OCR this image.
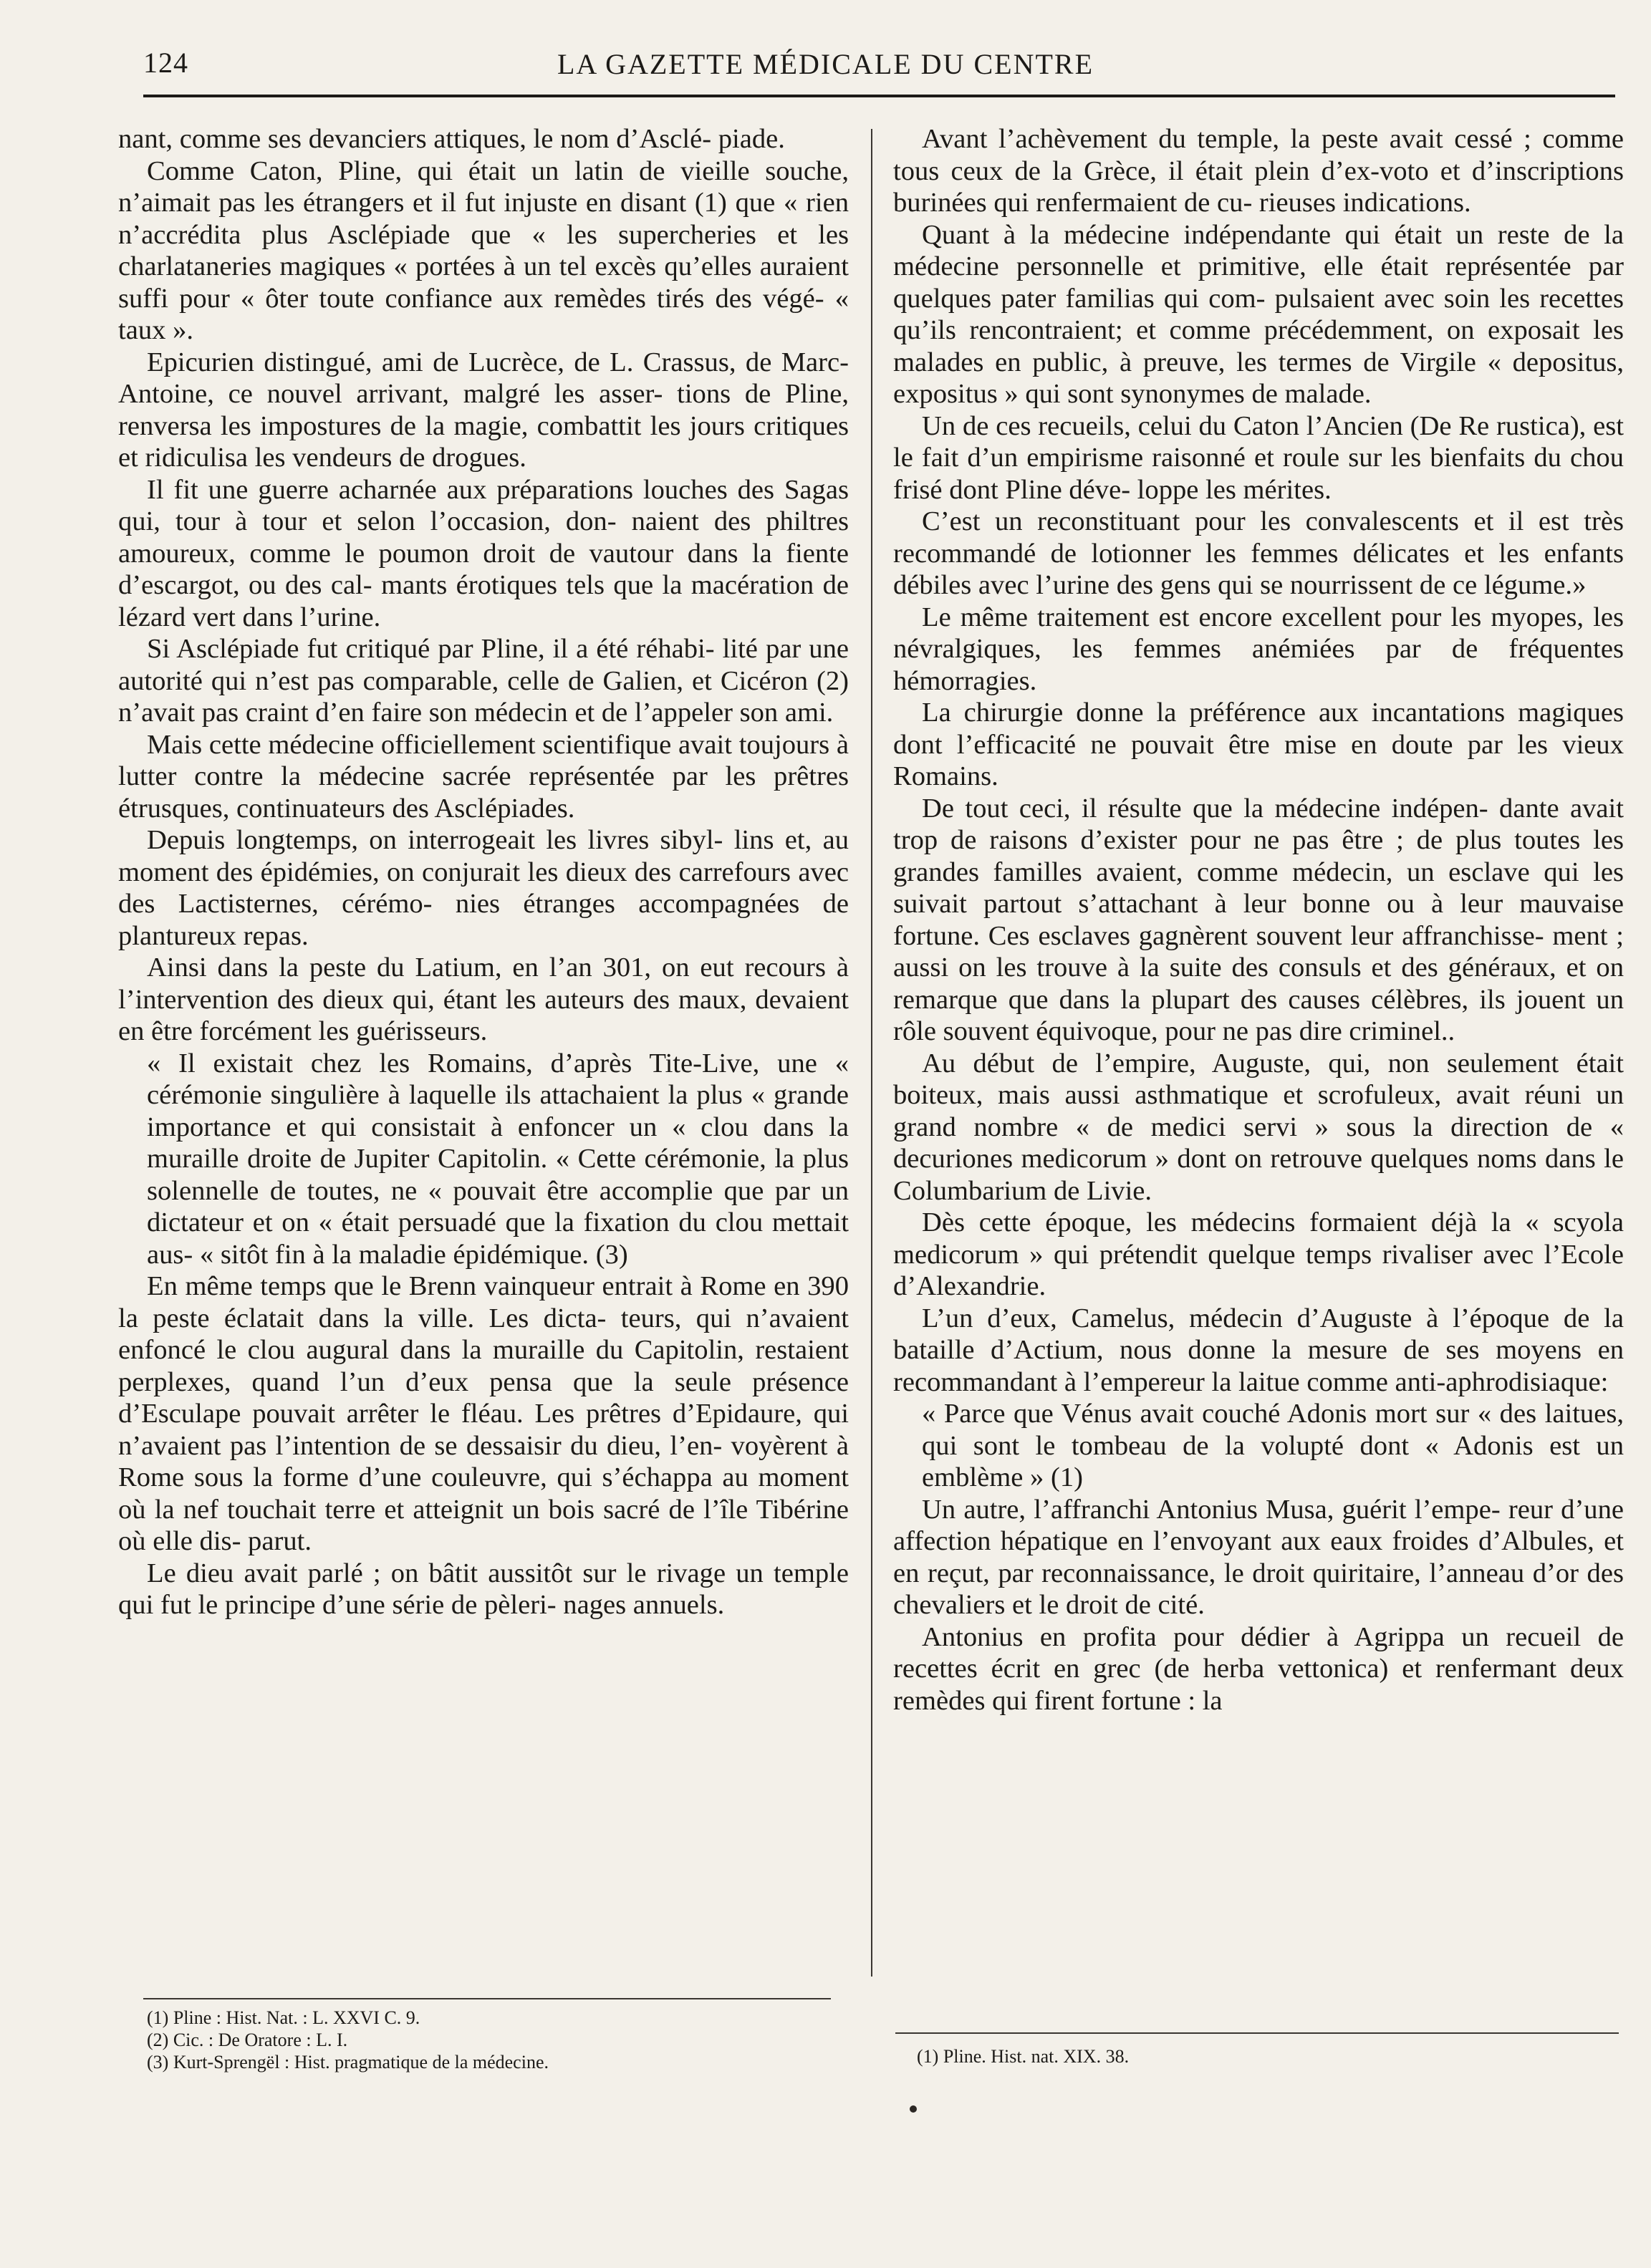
124	LA GAZETTE MÉDICALE DU CENTRE

nant, comme ses devanciers attiques, le nom d’Asclé- piade.

Comme Caton, Pline, qui était un latin de vieille souche, n’aimait pas les étrangers et il fut injuste en disant (1) que « rien n’accrédita plus Asclépiade que « les supercheries et les charlataneries magiques « portées à un tel excès qu’elles auraient suffi pour « ôter toute confiance aux remèdes tirés des végé- « taux ».

Epicurien distingué, ami de Lucrèce, de L. Crassus, de Marc-Antoine, ce nouvel arrivant, malgré les asser- tions de Pline, renversa les impostures de la magie, combattit les jours critiques et ridiculisa les vendeurs de drogues.

Il fit une guerre acharnée aux préparations louches des Sagas qui, tour à tour et selon l’occasion, don- naient des philtres amoureux, comme le poumon droit de vautour dans la fiente d’escargot, ou des cal- mants érotiques tels que la macération de lézard vert dans l’urine.

Si Asclépiade fut critiqué par Pline, il a été réhabi- lité par une autorité qui n’est pas comparable, celle de Galien, et Cicéron (2) n’avait pas craint d’en faire son médecin et de l’appeler son ami.

Mais cette médecine officiellement scientifique avait toujours à lutter contre la médecine sacrée représentée par les prêtres étrusques, continuateurs des Asclépiades.

Depuis longtemps, on interrogeait les livres sibyl- lins et, au moment des épidémies, on conjurait les dieux des carrefours avec des Lactisternes, cérémo- nies étranges accompagnées de plantureux repas.

Ainsi dans la peste du Latium, en l’an 301, on eut recours à l’intervention des dieux qui, étant les auteurs des maux, devaient en être forcément les guérisseurs.

« Il existait chez les Romains, d’après Tite-Live, une « cérémonie singulière à laquelle ils attachaient la plus « grande importance et qui consistait à enfoncer un « clou dans la muraille droite de Jupiter Capitolin. « Cette cérémonie, la plus solennelle de toutes, ne « pouvait être accomplie que par un dictateur et on « était persuadé que la fixation du clou mettait aus- « sitôt fin à la maladie épidémique. (3)

En même temps que le Brenn vainqueur entrait à Rome en 390 la peste éclatait dans la ville. Les dicta- teurs, qui n’avaient enfoncé le clou augural dans la muraille du Capitolin, restaient perplexes, quand l’un d’eux pensa que la seule présence d’Esculape pouvait arrêter le fléau. Les prêtres d’Epidaure, qui n’avaient pas l’intention de se dessaisir du dieu, l’en- voyèrent à Rome sous la forme d’une couleuvre, qui s’échappa au moment où la nef touchait terre et atteignit un bois sacré de l’île Tibérine où elle dis- parut.

Le dieu avait parlé ; on bâtit aussitôt sur le rivage un temple qui fut le principe d’une série de pèleri- nages annuels.

(1) Pline : Hist. Nat. : L. XXVI C. 9.
(2) Cic. : De Oratore : L. I.
(3) Kurt-Sprengël : Hist. pragmatique de la médecine.

Avant l’achèvement du temple, la peste avait cessé ; comme tous ceux de la Grèce, il était plein d’ex-voto et d’inscriptions burinées qui renfermaient de cu- rieuses indications.

Quant à la médecine indépendante qui était un reste de la médecine personnelle et primitive, elle était représentée par quelques pater familias qui com- pulsaient avec soin les recettes qu’ils rencontraient; et comme précédemment, on exposait les malades en public, à preuve, les termes de Virgile « depositus, expositus » qui sont synonymes de malade.

Un de ces recueils, celui du Caton l’Ancien (De Re rustica), est le fait d’un empirisme raisonné et roule sur les bienfaits du chou frisé dont Pline déve- loppe les mérites.

C’est un reconstituant pour les convalescents et il est très recommandé de lotionner les femmes délicates et les enfants débiles avec l’urine des gens qui se nourrissent de ce légume.»

Le même traitement est encore excellent pour les myopes, les névralgiques, les femmes anémiées par de fréquentes hémorragies.

La chirurgie donne la préférence aux incantations magiques dont l’efficacité ne pouvait être mise en doute par les vieux Romains.

De tout ceci, il résulte que la médecine indépen- dante avait trop de raisons d’exister pour ne pas être ; de plus toutes les grandes familles avaient, comme médecin, un esclave qui les suivait partout s’attachant à leur bonne ou à leur mauvaise fortune. Ces esclaves gagnèrent souvent leur affranchisse- ment ; aussi on les trouve à la suite des consuls et des généraux, et on remarque que dans la plupart des causes célèbres, ils jouent un rôle souvent équivoque, pour ne pas dire criminel..

Au début de l’empire, Auguste, qui, non seulement était boiteux, mais aussi asthmatique et scrofuleux, avait réuni un grand nombre « de medici servi » sous la direction de « decuriones medicorum » dont on retrouve quelques noms dans le Columbarium de Livie.

Dès cette époque, les médecins formaient déjà la « scyola medicorum » qui prétendit quelque temps rivaliser avec l’Ecole d’Alexandrie.

L’un d’eux, Camelus, médecin d’Auguste à l’époque de la bataille d’Actium, nous donne la mesure de ses moyens en recommandant à l’empereur la laitue comme anti-aphrodisiaque:

« Parce que Vénus avait couché Adonis mort sur « des laitues, qui sont le tombeau de la volupté dont « Adonis est un emblème » (1)

Un autre, l’affranchi Antonius Musa, guérit l’empe- reur d’une affection hépatique en l’envoyant aux eaux froides d’Albules, et en reçut, par reconnaissance, le droit quiritaire, l’anneau d’or des chevaliers et le droit de cité.

Antonius en profita pour dédier à Agrippa un recueil de recettes écrit en grec (de herba vettonica) et renfermant deux remèdes qui firent fortune : la

(1) Pline. Hist. nat. XIX. 38.
